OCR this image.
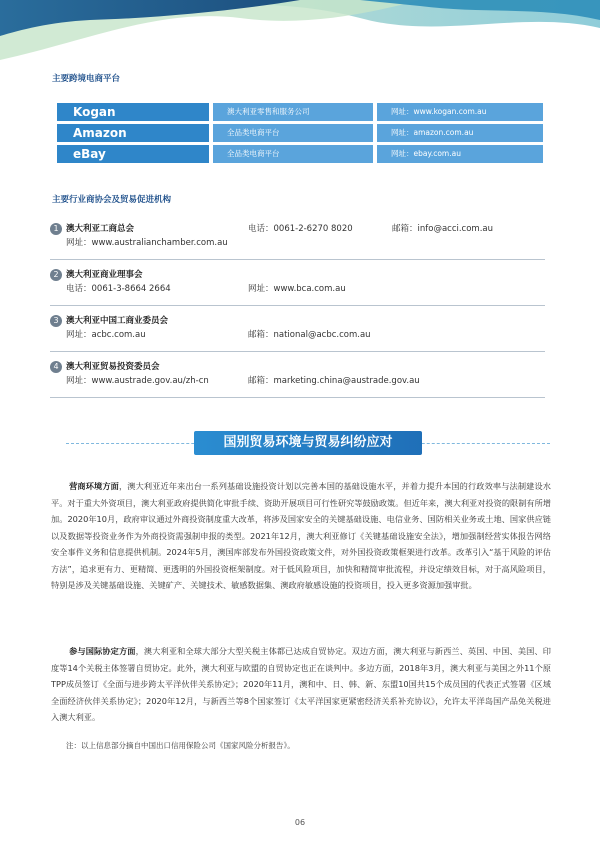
主要跨境电商平台
Kogan	澳大利亚零售和服务公司	网址：www.kogan.com.au
Amazon	全品类电商平台	网址：amazon.com.au
eBay	全品类电商平台	网址：ebay.com.au
主要行业商协会及贸易促进机构
1 澳大利亚工商总会	电话：0061-2-6270 8020	邮箱：info@acci.com.au
网址：www.australianchamber.com.au
2 澳大利亚商业理事会
电话：0061-3-8664 2664	网址：www.bca.com.au
3 澳大利亚中国工商业委员会
网址：acbc.com.au	邮箱：national@acbc.com.au
4 澳大利亚贸易投资委员会
网址：www.austrade.gov.au/zh-cn	邮箱：marketing.china@austrade.gov.au
国别贸易环境与贸易纠纷应对
营商环境方面，澳大利亚近年来出台一系列基础设施投资计划以完善本国的基础设施水平，并着力提升本国的行政效率与法制建设水平。对于重大外资项目，澳大利亚政府提供简化审批手续、资助开展项目可行性研究等鼓励政策。但近年来，澳大利亚对投资的限制有所增加。2020年10月，政府审议通过外商投资制度重大改革，将涉及国家安全的关键基础设施、电信业务、国防相关业务或土地、国家供应链以及数据等投资业务作为外商投资需强制申报的类型。2021年12月，澳大利亚修订《关键基础设施安全法》，增加强制经营实体报告网络安全事件义务和信息提供机制。2024年5月，澳国库部发布外国投资政策文件，对外国投资政策框架进行改革。改革引入“基于风险的评估方法”，追求更有力、更精简、更透明的外国投资框架制度。对于低风险项目，加快和精简审批流程，并设定绩效目标，对于高风险项目，特别是涉及关键基础设施、关键矿产、关键技术、敏感数据集、澳政府敏感设施的投资项目，投入更多资源加强审批。
参与国际协定方面，澳大利亚和全球大部分大型关税主体都已达成自贸协定。双边方面，澳大利亚与新西兰、英国、中国、美国、印度等14个关税主体签署自贸协定。此外，澳大利亚与欧盟的自贸协定也正在谈判中。多边方面，2018年3月，澳大利亚与美国之外11个原TPP成员签订《全面与进步跨太平洋伙伴关系协定》；2020年11月，澳和中、日、韩、新、东盟10国共15个成员国的代表正式签署《区域全面经济伙伴关系协定》；2020年12月，与新西兰等8个国家签订《太平洋国家更紧密经济关系补充协议》，允许太平洋岛国产品免关税进入澳大利亚。
注：以上信息部分摘自中国出口信用保险公司《国家风险分析报告》。
06
